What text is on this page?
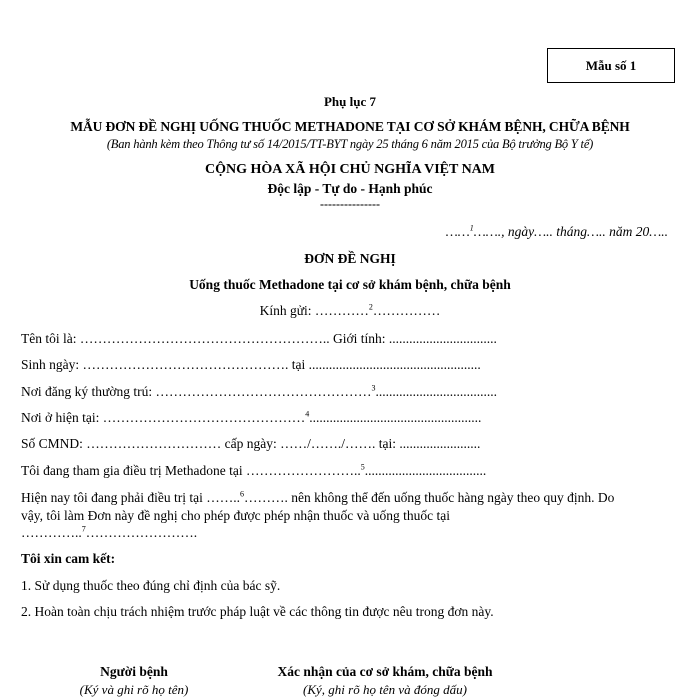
Mẫu số 1
Phụ lục 7
MẪU ĐƠN ĐỀ NGHỊ UỐNG THUỐC METHADONE TẠI CƠ SỞ KHÁM BỆNH, CHỮA BỆNH
(Ban hành kèm theo Thông tư số 14/2015/TT-BYT ngày 25 tháng 6 năm 2015 của Bộ trưởng Bộ Y tế)
CỘNG HÒA XÃ HỘI CHỦ NGHĨA VIỆT NAM
Độc lập - Tự do - Hạnh phúc
---------------
……$^1$……., ngày….. tháng….. năm 20…..
ĐƠN ĐỀ NGHỊ
Uống thuốc Methadone tại cơ sở khám bệnh, chữa bệnh
Kính gửi: …………$^2$……………
Tên tôi là: ……………………………………………….. Giới tính: ................................
Sinh ngày: ………………………………………. tại ...................................................
Nơi đăng ký thường trú: …………………………………………$^3$....................................
Nơi ở hiện tại: ………………………………………$^4$...................................................
Số CMND: ………………………… cấp ngày: ……/……./……. tại: ........................
Tôi đang tham gia điều trị Methadone tại ……………………..$^5$....................................
Hiện nay tôi đang phải điều trị tại ……..$^6$………. nên không thể đến uống thuốc hàng ngày theo quy định. Do
vậy, tôi làm Đơn này đề nghị cho phép được phép nhận thuốc và uống thuốc tại
…………..$^7$…………………….
Tôi xin cam kết:
1. Sử dụng thuốc theo đúng chỉ định của bác sỹ.
2. Hoàn toàn chịu trách nhiệm trước pháp luật về các thông tin được nêu trong đơn này.
Người bệnh
(Ký và ghi rõ họ tên)
Xác nhận của cơ sở khám, chữa bệnh
(Ký, ghi rõ họ tên và đóng dấu)
